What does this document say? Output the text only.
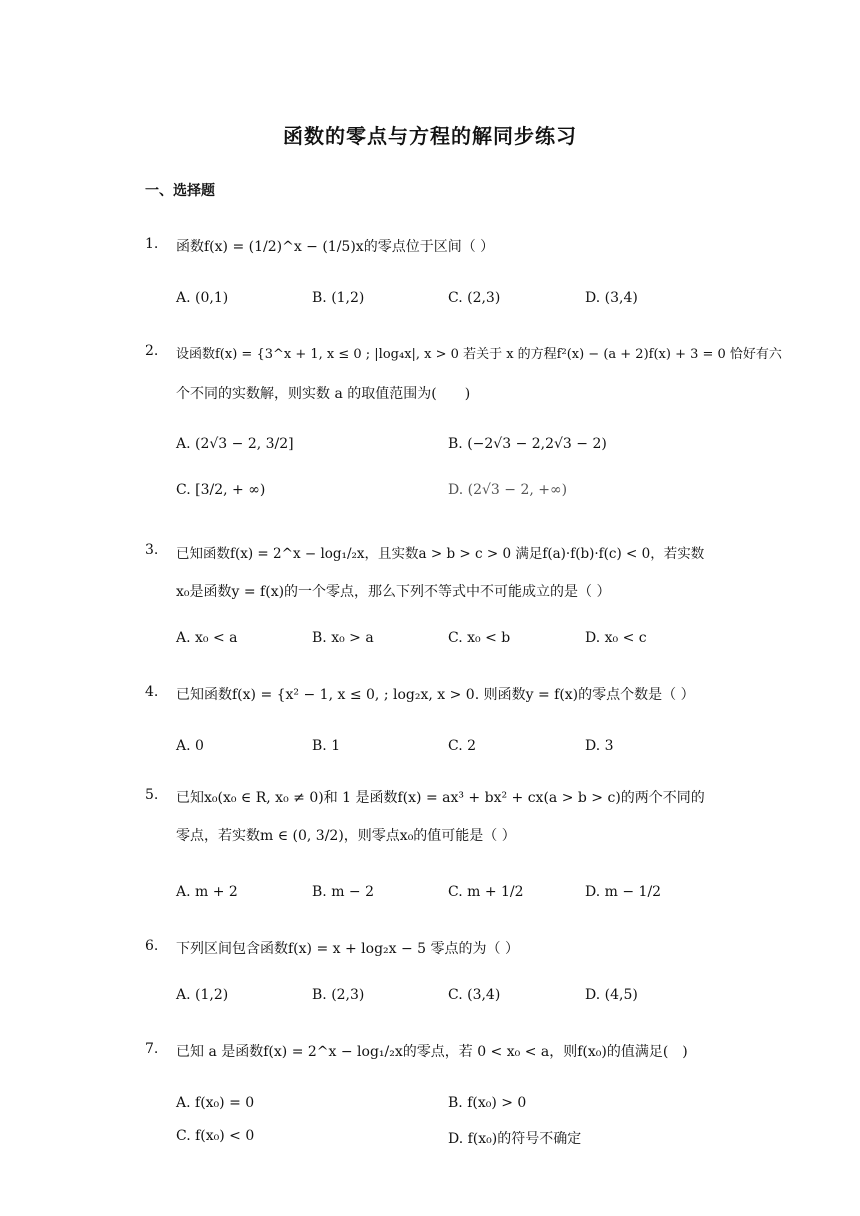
函数的零点与方程的解同步练习
一、选择题
1. 函数f(x) = (1/2)^x − (1/5)x的零点位于区间（ ）
A. (0,1)	B. (1,2)	C. (2,3)	D. (3,4)
2. 设函数f(x) = {3^x + 1, x ≤ 0 ; |log₄x|, x > 0 若关于 x 的方程f²(x) − (a + 2)f(x) + 3 = 0 恰好有六
个不同的实数解，则实数 a 的取值范围为(　　)
A. (2√3 − 2, 3/2]	B. (−2√3 − 2,2√3 − 2)
C. [3/2, + ∞)	D. (2√3 − 2, +∞)
3. 已知函数f(x) = 2^x − log₁/₂x，且实数a > b > c > 0 满足f(a)·f(b)·f(c) < 0，若实数
x₀是函数y = f(x)的一个零点，那么下列不等式中不可能成立的是（ ）
A. x₀ < a	B. x₀ > a	C. x₀ < b	D. x₀ < c
4. 已知函数f(x) = {x² − 1, x ≤ 0, ; log₂x, x > 0. 则函数y = f(x)的零点个数是（ ）
A. 0	B. 1	C. 2	D. 3
5. 已知x₀(x₀ ∈ R, x₀ ≠ 0)和 1 是函数f(x) = ax³ + bx² + cx(a > b > c)的两个不同的
零点，若实数m ∈ (0, 3/2)，则零点x₀的值可能是（ ）
A. m + 2	B. m − 2	C. m + 1/2	D. m − 1/2
6. 下列区间包含函数f(x) = x + log₂x − 5 零点的为（ ）
A. (1,2)	B. (2,3)	C. (3,4)	D. (4,5)
7. 已知 a 是函数f(x) = 2^x − log₁/₂x的零点，若 0 < x₀ < a，则f(x₀)的值满足(　)
A. f(x₀) = 0	B. f(x₀) > 0
C. f(x₀) < 0	D. f(x₀)的符号不确定
